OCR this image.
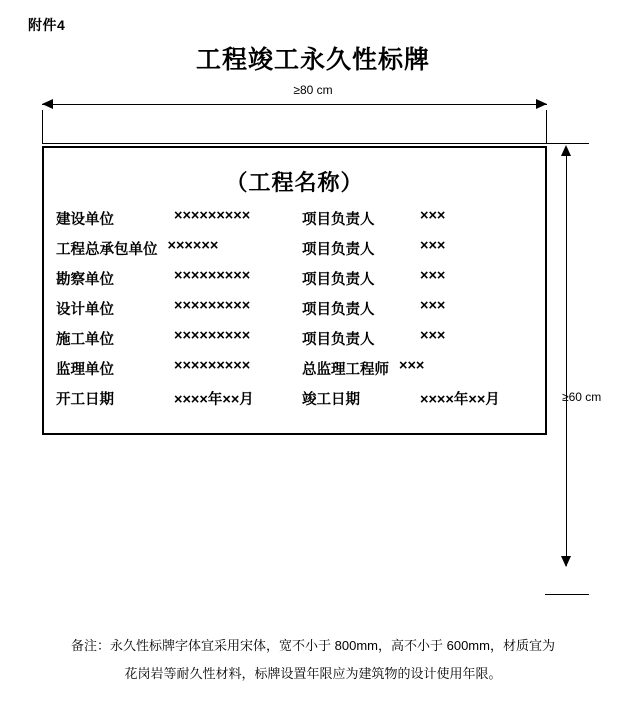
附件4
工程竣工永久性标牌
≥80 cm
（工程名称）
建设单位	×××××××××	项目负责人	×××
工程总承包单位 ××××××	项目负责人	×××
勘察单位	×××××××××	项目负责人	×××
设计单位	×××××××××	项目负责人	×××
施工单位	×××××××××	项目负责人	×××
监理单位	×××××××××	总监理工程师 ×××
开工日期	××××年××月	竣工日期	××××年××月	≥60 cm
备注：永久性标牌字体宜采用宋体，宽不小于 800mm，高不小于 600mm，材质宜为
花岗岩等耐久性材料，标牌设置年限应为建筑物的设计使用年限。
